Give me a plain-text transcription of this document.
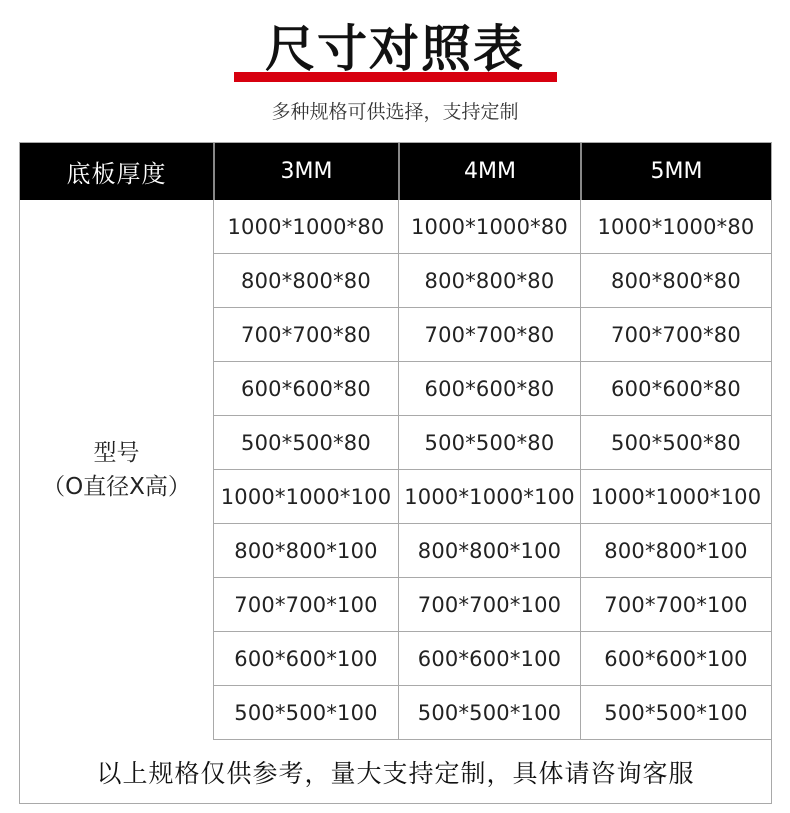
尺寸对照表
多种规格可供选择，支持定制
底板厚度	3MM	4MM	5MM
型号
（O直径X高）
1000*1000*80	1000*1000*80	1000*1000*80
800*800*80	800*800*80	800*800*80
700*700*80	700*700*80	700*700*80
600*600*80	600*600*80	600*600*80
500*500*80	500*500*80	500*500*80
1000*1000*100 1000*1000*100 1000*1000*100
800*800*100	800*800*100	800*800*100
700*700*100	700*700*100	700*700*100
600*600*100	600*600*100	600*600*100
500*500*100	500*500*100	500*500*100
以上规格仅供参考，量大支持定制，具体请咨询客服
